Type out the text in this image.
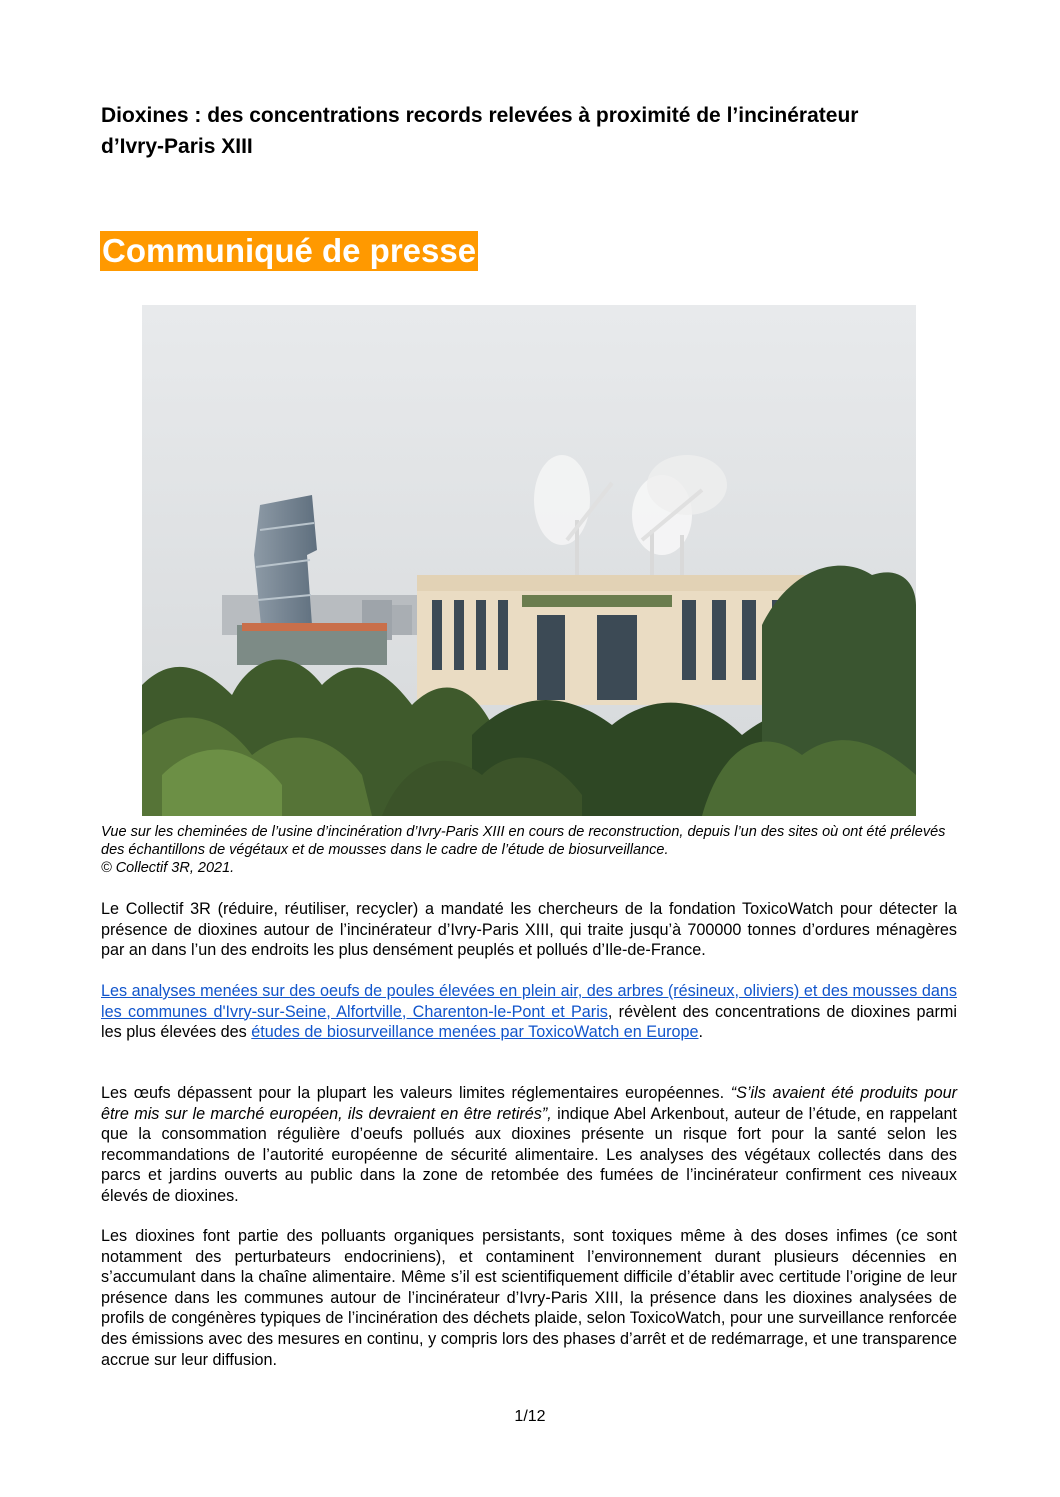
Dioxines : des concentrations records relevées à proximité de l’incinérateur d’Ivry-Paris XIII
Communiqué de presse
Vue sur les cheminées de l’usine d’incinération d’Ivry-Paris XIII en cours de reconstruction, depuis l’un des sites où ont été prélevés des échantillons de végétaux et de mousses dans le cadre de l’étude de biosurveillance.
© Collectif 3R, 2021.
Le Collectif 3R (réduire, réutiliser, recycler) a mandaté les chercheurs de la fondation ToxicoWatch pour détecter la présence de dioxines autour de l’incinérateur d’Ivry-Paris XIII, qui traite jusqu’à 700000 tonnes d’ordures ménagères par an dans l’un des endroits les plus densément peuplés et pollués d’Ile-de-France.
Les analyses menées sur des oeufs de poules élevées en plein air, des arbres (résineux, oliviers) et des mousses dans les communes d'Ivry-sur-Seine, Alfortville, Charenton-le-Pont et Paris, révèlent des concentrations de dioxines parmi les plus élevées des études de biosurveillance menées par ToxicoWatch en Europe.
Les œufs dépassent pour la plupart les valeurs limites réglementaires européennes. “S’ils avaient été produits pour être mis sur le marché européen, ils devraient en être retirés”, indique Abel Arkenbout, auteur de l’étude, en rappelant que la consommation régulière d’oeufs pollués aux dioxines présente un risque fort pour la santé selon les recommandations de l’autorité européenne de sécurité alimentaire. Les analyses des végétaux collectés dans des parcs et jardins ouverts au public dans la zone de retombée des fumées de l’incinérateur confirment ces niveaux élevés de dioxines.
Les dioxines font partie des polluants organiques persistants, sont toxiques même à des doses infimes (ce sont notamment des perturbateurs endocriniens), et contaminent l’environnement durant plusieurs décennies en s’accumulant dans la chaîne alimentaire. Même s’il est scientifiquement difficile d’établir avec certitude l’origine de leur présence dans les communes autour de l’incinérateur d’Ivry-Paris XIII, la présence dans les dioxines analysées de profils de congénères typiques de l’incinération des déchets plaide, selon ToxicoWatch, pour une surveillance renforcée des émissions avec des mesures en continu, y compris lors des phases d’arrêt et de redémarrage, et une transparence accrue sur leur diffusion.
1/12
